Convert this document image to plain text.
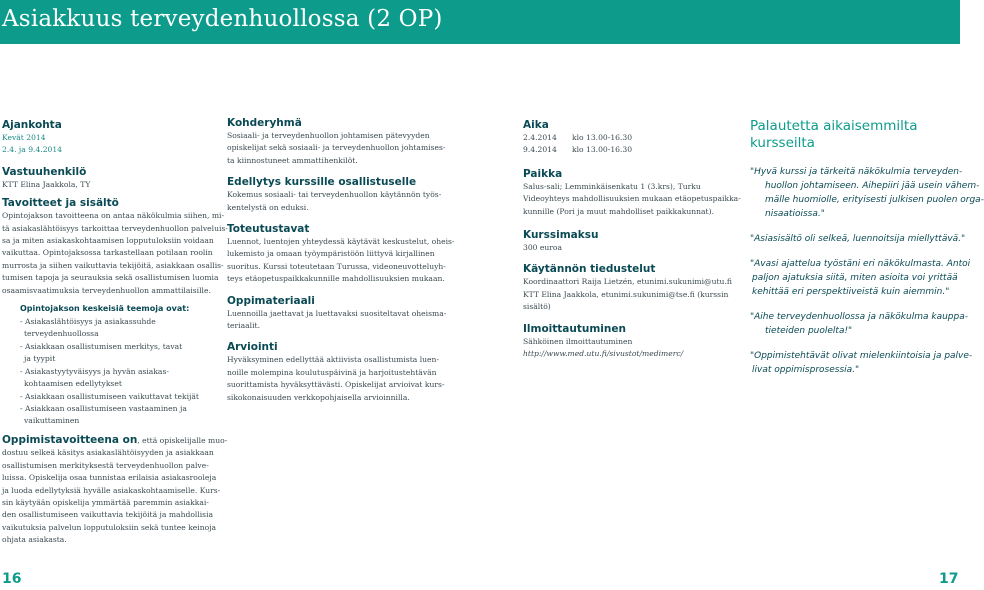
Asiakkuus terveydenhuollossa (2 OP)

Ajankohta

Kevät 2014

2.4. ja 9.4.2014

Vastuuhenkilö

KTT Elina Jaakkola, TY

Tavoitteet ja sisältö

Opintojakson tavoitteena on antaa näkökulmia siihen, mi-

tä asiakaslähtöisyys tarkoittaa terveydenhuollon palveluis-

sa ja miten asiakaskohtaamisen lopputuloksiin voidaan

vaikuttaa. Opintojaksossa tarkastellaan potilaan roolin

murrosta ja siihen vaikuttavia tekijöitä, asiakkaan osallis-

tumisen tapoja ja seurauksia sekä osallistumisen luomia

osaamisvaatimuksia terveydenhuollon ammattilaisille.

Opintojakson keskeisiä teemoja ovat:

- Asiakaslähtöisyys ja asiakassuhde
terveydenhuollossa
- Asiakkaan osallistumisen merkitys, tavat
ja tyypit
- Asiakastyytyväisyys ja hyvän asiakas-
kohtaamisen edellytykset
- Asiakkaan osallistumiseen vaikuttavat tekijät
- Asiakkaan osallistumiseen vastaaminen ja
vaikuttaminen

Oppimistavoitteena on, että opiskelijalle muo-

dostuu selkeä käsitys asiakaslähtöisyyden ja asiakkaan

osallistumisen merkityksestä terveydenhuollon palve-

luissa. Opiskelija osaa tunnistaa erilaisia asiakasrooleja

ja luoda edellytyksiä hyvälle asiakaskohtaamiselle. Kurs-

sin käytyään opiskelija ymmärtää paremmin asiakkai-

den osallistumiseen vaikuttavia tekijöitä ja mahdollisia

vaikutuksia palvelun lopputuloksiin sekä tuntee keinoja

ohjata asiakasta.

Kohderyhmä

Sosiaali- ja terveydenhuollon johtamisen pätevyyden

opiskelijat sekä sosiaali- ja terveydenhuollon johtamises-

ta kiinnostuneet ammattihenkilöt.

Edellytys kurssille osallistuselle

Kokemus sosiaali- tai terveydenhuollon käytännön työs-

kentelystä on eduksi.

Toteutustavat

Luennot, luentojen yhteydessä käytävät keskustelut, oheis-

lukemisto ja omaan työympäristöön liittyvä kirjallinen

suoritus. Kurssi toteutetaan Turussa, videoneuvotteluyh-

teys etäopetuspaikkakunnille mahdollisuuksien mukaan.

Oppimateriaali

Luennoilla jaettavat ja luettavaksi suositeltavat oheisma-

teriaalit.

Arviointi

Hyväksyminen edellyttää aktiivista osallistumista luen-

noille molempina koulutuspäivinä ja harjoitustehtävän

suorittamista hyväksyttävästi. Opiskelijat arvioivat kurs-

sikokonaisuuden verkkopohjaisella arvioinnilla.

Aika

2.4.2014 klo 13.00-16.30
9.4.2014 klo 13.00-16.30

Paikka

Salus-sali; Lemminkäisenkatu 1 (3.krs), Turku

Videoyhteys mahdollisuuksien mukaan etäopetuspaikka-

kunnille (Pori ja muut mahdolliset paikkakunnat).

Kurssimaksu

300 euroa

Käytännön tiedustelut

Koordinaattori Raija Lietzén, etunimi.sukunimi@utu.fi

KTT Elina Jaakkola, etunimi.sukunimi@tse.fi (kurssin

sisältö)

Ilmoittautuminen

Sähköinen ilmoittautuminen

http://www.med.utu.fi/sivustot/medimerc/

Palautetta aikaisemmilta

kursseilta

"Hyvä kurssi ja tärkeitä näkökulmia terveyden-

huollon johtamiseen. Aihepiiri jää usein vähem-

mälle huomiolle, erityisesti julkisen puolen orga-

nisaatioissa."

"Asiasisältö oli selkeä, luennoitsija miellyttävä."

"Avasi ajattelua työstäni eri näkökulmasta. Antoi

paljon ajatuksia siitä, miten asioita voi yrittää

kehittää eri perspektiiveistä kuin aiemmin."

"Aihe terveydenhuollossa ja näkökulma kauppa-

tieteiden puolelta!"

"Oppimistehtävät olivat mielenkiintoisia ja palve-

livat oppimisprosessia."

16	17
